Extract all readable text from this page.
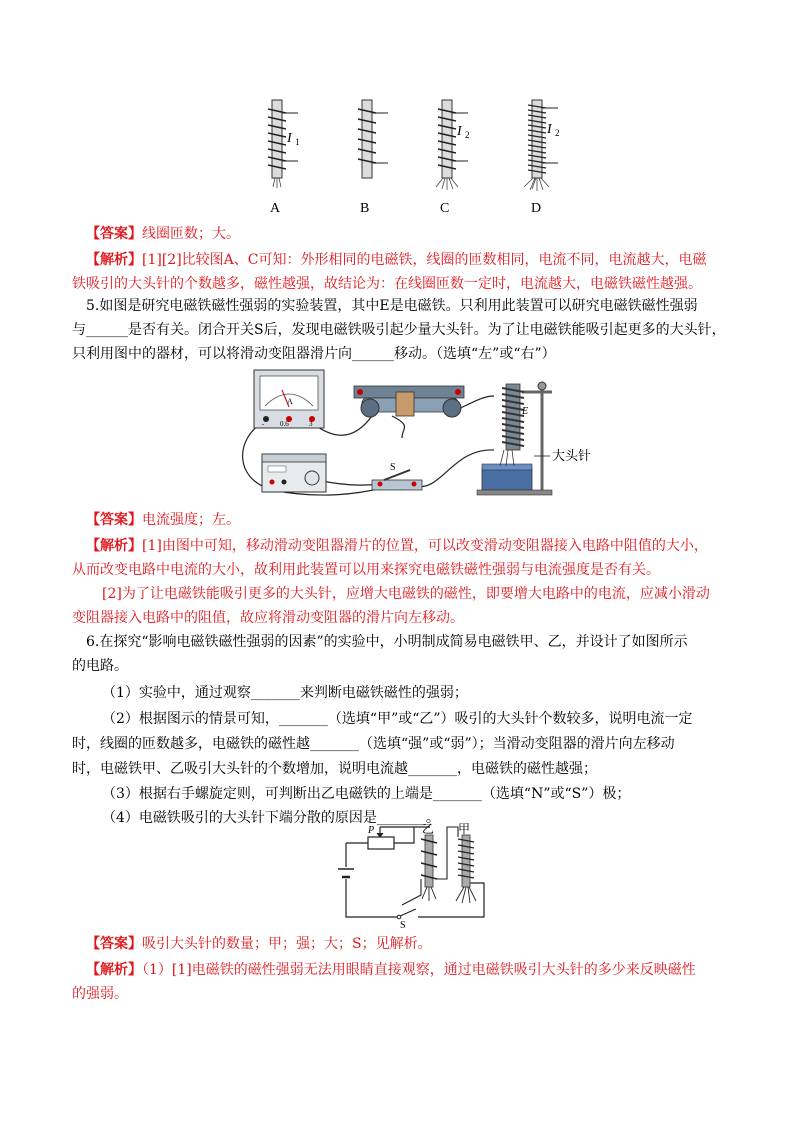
I 1
I 2	I 2
A	B	C	D
【答案】线圈匝数；大。
【解析】[1][2]比较图A、C可知：外形相同的电磁铁，线圈的匝数相同，电流不同，电流越大，电磁
铁吸引的大头针的个数越多，磁性越强，故结论为：在线圈匝数一定时，电流越大，电磁铁磁性越强。
5.如图是研究电磁铁磁性强弱的实验装置，其中E是电磁铁。只利用此装置可以研究电磁铁磁性强弱
与______是否有关。闭合开关S后，发现电磁铁吸引起少量大头针。为了让电磁铁能吸引起更多的大头针，
只利用图中的器材，可以将滑动变阻器滑片向______移动。（选填“左”或“右”）
A
- 0.6	3
S
E
大头针
【答案】电流强度；左。
【解析】[1]由图中可知，移动滑动变阻器滑片的位置，可以改变滑动变阻器接入电路中阻值的大小，
从而改变电路中电流的大小，故利用此装置可以用来探究电磁铁磁性强弱与电流强度是否有关。
[2]为了让电磁铁能吸引更多的大头针，应增大电磁铁的磁性，即要增大电路中的电流，应减小滑动
变阻器接入电路中的阻值，故应将滑动变阻器的滑片向左移动。
6.在探究“影响电磁铁磁性强弱的因素”的实验中，小明制成简易电磁铁甲、乙，并设计了如图所示
的电路。
（1）实验中，通过观察_______来判断电磁铁磁性的强弱；
（2）根据图示的情景可知，_______（选填“甲”或“乙”）吸引的大头针个数较多，说明电流一定
时，线圈的匝数越多，电磁铁的磁性越_______（选填“强”或“弱”）；当滑动变阻器的滑片向左移动
时，电磁铁甲、乙吸引大头针的个数增加，说明电流越_______，电磁铁的磁性越强；
（3）根据右手螺旋定则，可判断出乙电磁铁的上端是_______（选填“N”或“S”）极；
（4）电磁铁吸引的大头针下端分散的原因是_______。
P	乙 甲
S
【答案】吸引大头针的数量；甲；强；大；S；见解析。
【解析】（1）[1]电磁铁的磁性强弱无法用眼睛直接观察，通过电磁铁吸引大头针的多少来反映磁性
的强弱。
